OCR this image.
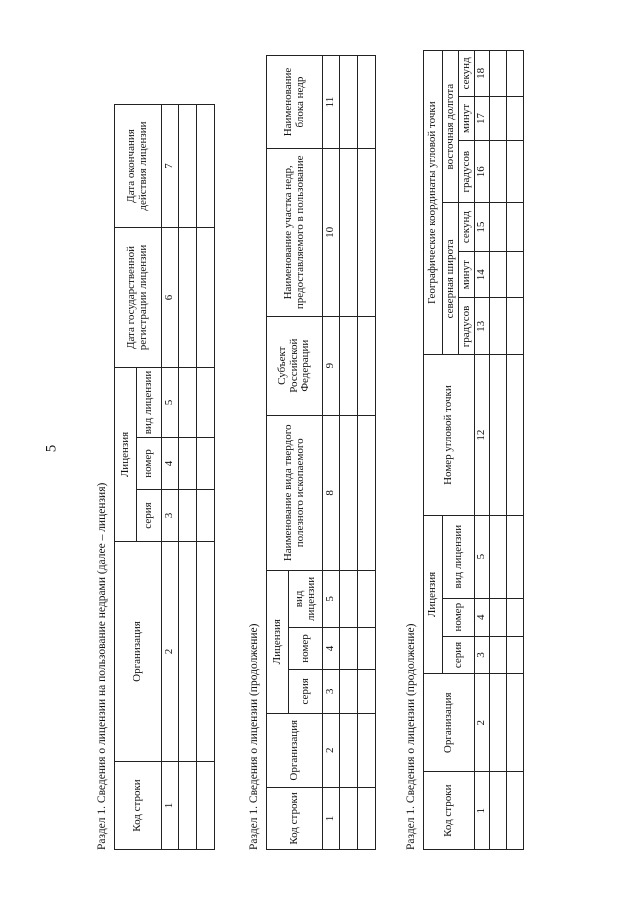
5
Раздел 1. Сведения о лицензии на пользование недрами (далее – лицензия) Код строки	Организация	Лицензия			Дата государственной регистрации лицензии	Дата окончания действия лицензии
		серия	номер	вид лицензии		
1	2	3	4	5	6	7

Раздел 1. Сведения о лицензии (продолжение)	Код строки	Организация	Лицензия			Наименование вида твердого полезного ископаемого	Субъект Российской Федерации	Наименование участка недр, предоставляемого в пользование	Наименование блока недр
		серия	номер	вид лицензии				
1	2	3	4	5	8	9	10	11

Раздел 1. Сведения о лицензии (продолжение) Код строки	Организация	Лицензия			Номер угловой точки	Географические координаты угловой точки					
		серия	номер	вид лицензии		северная широта			восточная долгота		
						градусов	минут	секунд	градусов	минут	секунд
1	2	3	4	5	12	13	14	15	16	17	18
